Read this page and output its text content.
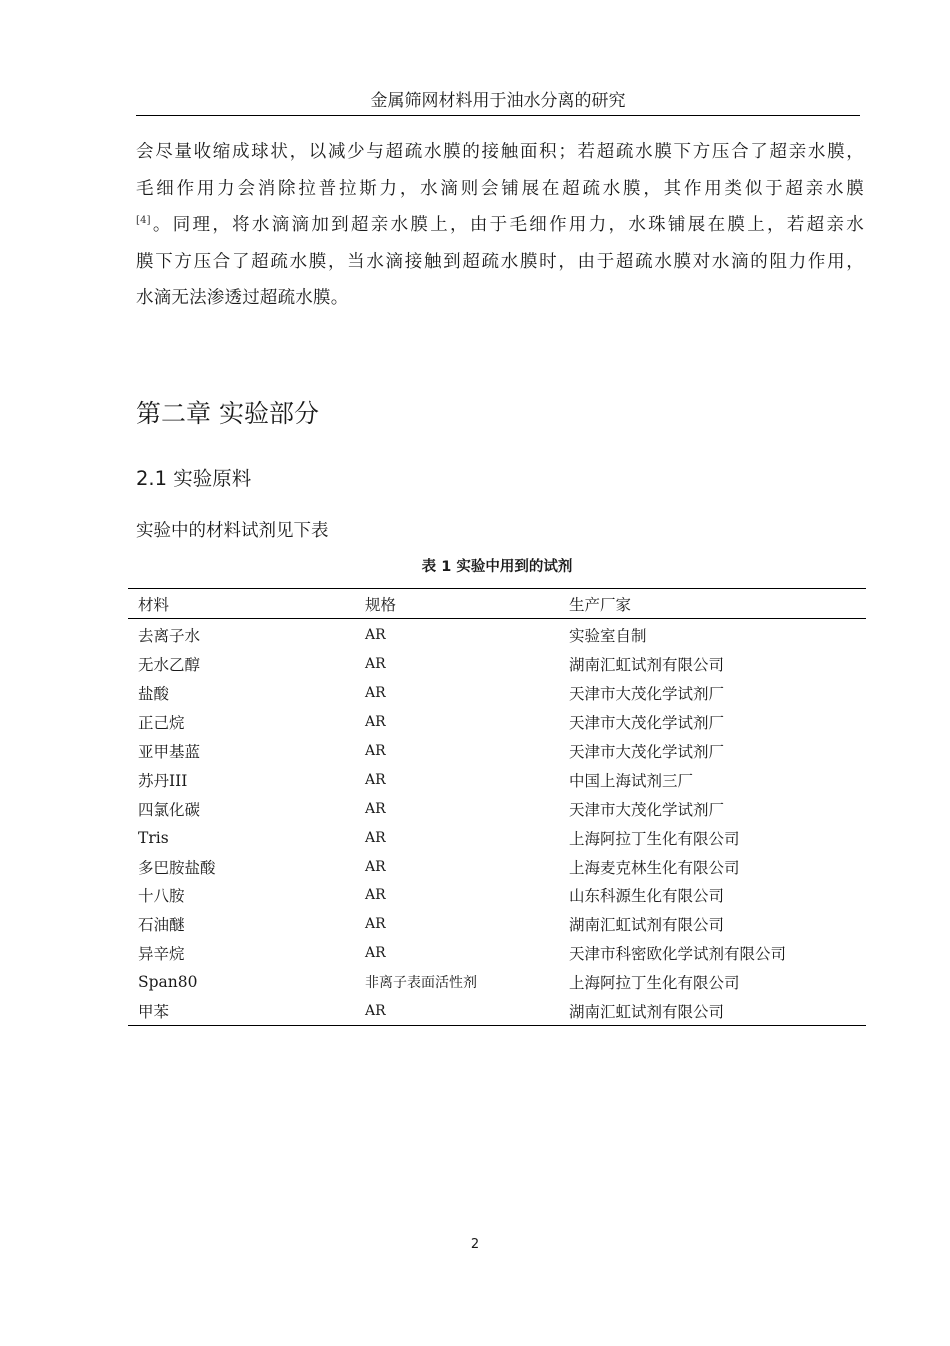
金属筛网材料用于油水分离的研究
会尽量收缩成球状，以减少与超疏水膜的接触面积；若超疏水膜下方压合了超亲水膜，
毛细作用力会消除拉普拉斯力，水滴则会铺展在超疏水膜，其作用类似于超亲水膜
[4]。同理，将水滴滴加到超亲水膜上，由于毛细作用力，水珠铺展在膜上，若超亲水
膜下方压合了超疏水膜，当水滴接触到超疏水膜时，由于超疏水膜对水滴的阻力作用，
水滴无法渗透过超疏水膜。
第二章 实验部分
2.1 实验原料
实验中的材料试剂见下表
表 1 实验中用到的试剂
材料	规格	生产厂家
去离子水	AR	实验室自制
无水乙醇	AR	湖南汇虹试剂有限公司
盐酸	AR	天津市大茂化学试剂厂
正己烷	AR	天津市大茂化学试剂厂
亚甲基蓝	AR	天津市大茂化学试剂厂
苏丹III	AR	中国上海试剂三厂
四氯化碳	AR	天津市大茂化学试剂厂
Tris	AR	上海阿拉丁生化有限公司
多巴胺盐酸	AR	上海麦克林生化有限公司
十八胺	AR	山东科源生化有限公司
石油醚	AR	湖南汇虹试剂有限公司
异辛烷	AR	天津市科密欧化学试剂有限公司
Span80	非离子表面活性剂	上海阿拉丁生化有限公司
甲苯	AR	湖南汇虹试剂有限公司
2
